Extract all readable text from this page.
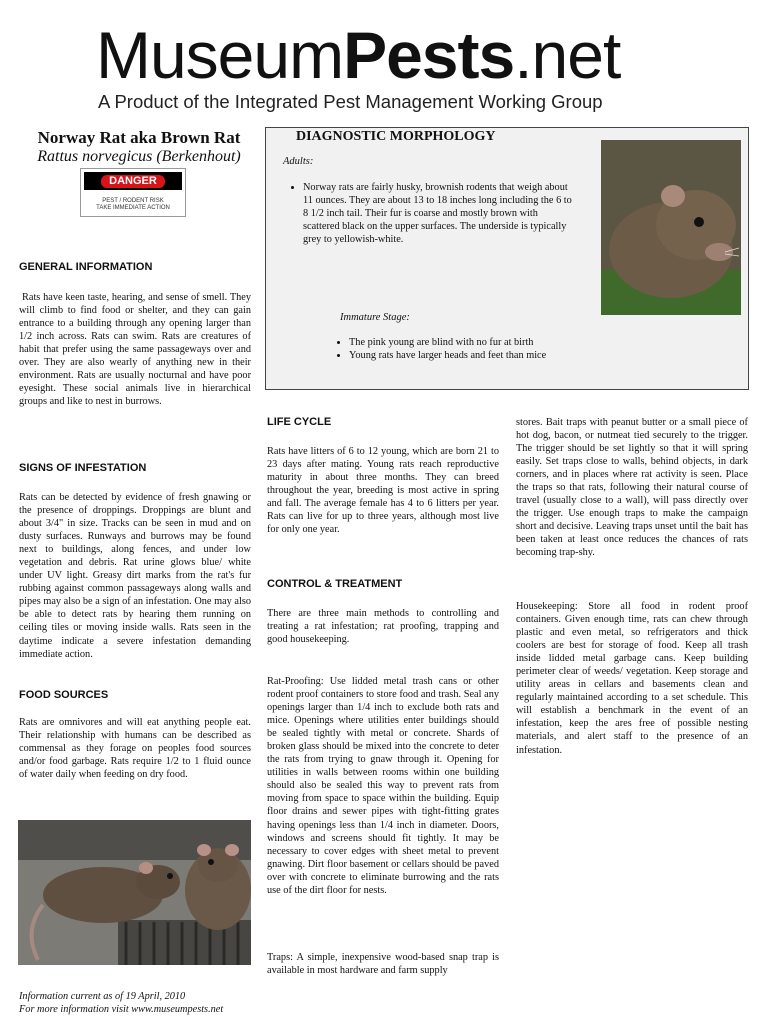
MuseumPests.net
A Product of the Integrated Pest Management Working Group
Norway Rat aka Brown Rat
Rattus norvegicus (Berkenhout)
DANGER
PEST / RODENT RISK
TAKE IMMEDIATE ACTION
GENERAL INFORMATION
Rats have keen taste, hearing, and sense of smell. They will climb to find food or shelter, and they can gain entrance to a building through any opening larger than 1/2 inch across. Rats can swim. Rats are creatures of habit that prefer using the same passageways over and over. They are also wearly of anything new in their environment. Rats are usually nocturnal and have poor eyesight. These social animals live in hierarchical groups and like to nest in burrows.
SIGNS OF INFESTATION
Rats can be detected by evidence of fresh gnawing or the presence of droppings. Droppings are blunt and about 3/4" in size. Tracks can be seen in mud and on dusty surfaces. Runways and burrows may be found next to buildings, along fences, and under low vegetation and debris. Rat urine glows blue/ white under UV light. Greasy dirt marks from the rat's fur rubbing against common passageways along walls and pipes may also be a sign of an infestation. One may also be able to detect rats by hearing them running on ceiling tiles or moving inside walls. Rats seen in the daytime indicate a severe infestation demanding immediate action.
FOOD SOURCES
Rats are omnivores and will eat anything people eat. Their relationship with humans can be described as commensal as they forage on peoples food sources and/or food garbage. Rats require 1/2 to 1 fluid ounce of water daily when feeding on dry food.
Information current as of 19 April, 2010
For more information visit www.museumpests.net
DIAGNOSTIC MORPHOLOGY
Adults:
• Norway rats are fairly husky, brownish rodents that weigh about 11 ounces. They are about 13 to 18 inches long including the 6 to 8 1/2 inch tail. Their fur is coarse and mostly brown with scattered black on the upper surfaces. The underside is typically grey to yellowish-white.
Immature Stage:
• The pink young are blind with no fur at birth
• Young rats have larger heads and feet than mice
LIFE CYCLE
Rats have litters of 6 to 12 young, which are born 21 to 23 days after mating. Young rats reach reproductive maturity in about three months. They can breed throughout the year, breeding is most active in spring and fall. The average female has 4 to 6 litters per year. Rats can live for up to three years, although most live for only one year.
CONTROL & TREATMENT
There are three main methods to controlling and treating a rat infestation; rat proofing, trapping and good housekeeping.
Rat-Proofing: Use lidded metal trash cans or other rodent proof containers to store food and trash. Seal any openings larger than 1/4 inch to exclude both rats and mice. Openings where utilities enter buildings should be sealed tightly with metal or concrete. Shards of broken glass should be mixed into the concrete to deter the rats from trying to gnaw through it. Opening for utilities in walls between rooms within one building should also be sealed this way to prevent rats from moving from space to space within the building. Equip floor drains and sewer pipes with tight-fitting grates having openings less than 1/4 inch in diameter. Doors, windows and screens should fit tightly. It may be necessary to cover edges with sheet metal to prevent gnawing. Dirt floor basement or cellars should be paved over with concrete to eliminate burrowing and the rats use of the dirt floor for nests.
Traps: A simple, inexpensive wood-based snap trap is available in most hardware and farm supply
stores. Bait traps with peanut butter or a small piece of hot dog, bacon, or nutmeat tied securely to the trigger. The trigger should be set lightly so that it will spring easily. Set traps close to walls, behind objects, in dark corners, and in places where rat activity is seen. Place the traps so that rats, following their natural course of travel (usually close to a wall), will pass directly over the trigger. Use enough traps to make the campaign short and decisive. Leaving traps unset until the bait has been taken at least once reduces the chances of rats becoming trap-shy.
Housekeeping: Store all food in rodent proof containers. Given enough time, rats can chew through plastic and even metal, so refrigerators and thick coolers are best for storage of food. Keep all trash inside lidded metal garbage cans. Keep building perimeter clear of weeds/ vegetation. Keep storage and utility areas in cellars and basements clean and regularly maintained according to a set schedule. This will establish a benchmark in the event of an infestation, keep the ares free of possible nesting materials, and alert staff to the presence of an infestation.
